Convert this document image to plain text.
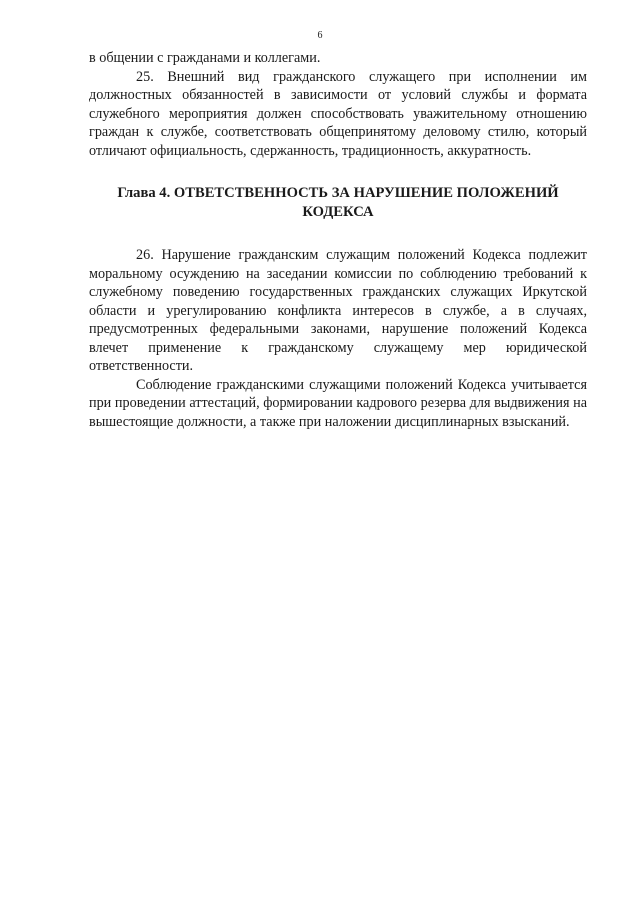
6

в общении с гражданами и коллегами.

25. Внешний вид гражданского служащего при исполнении им должностных обязанностей в зависимости от условий службы и формата служебного мероприятия должен способствовать уважительному отношению граждан к службе, соответствовать общепринятому деловому стилю, который отличают официальность, сдержанность, традиционность, аккуратность.

Глава 4. ОТВЕТСТВЕННОСТЬ ЗА НАРУШЕНИЕ ПОЛОЖЕНИЙ КОДЕКСА

26. Нарушение гражданским служащим положений Кодекса подлежит моральному осуждению на заседании комиссии по соблюдению требований к служебному поведению государственных гражданских служащих Иркутской области и урегулированию конфликта интересов в службе, а в случаях, предусмотренных федеральными законами, нарушение положений Кодекса влечет применение к гражданскому служащему мер юридической ответственности.

Соблюдение гражданскими служащими положений Кодекса учитывается при проведении аттестаций, формировании кадрового резерва для выдвижения на вышестоящие должности, а также при наложении дисциплинарных взысканий.
